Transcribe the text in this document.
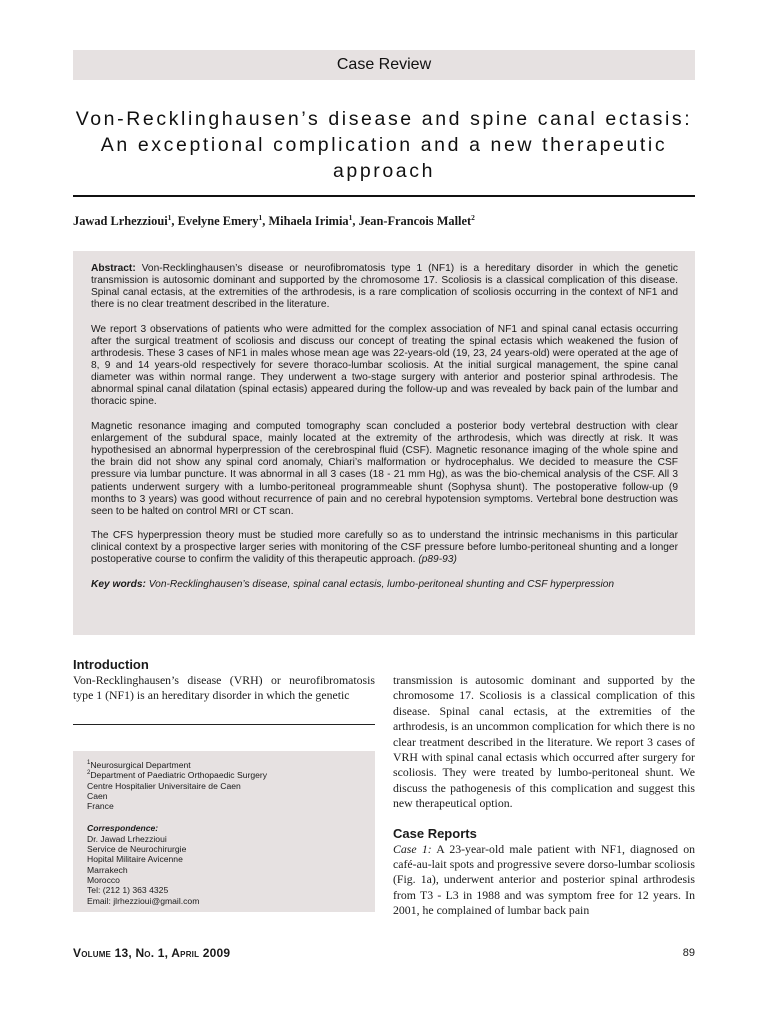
Case Review
Von-Recklinghausen’s disease and spine canal ectasis: An exceptional complication and a new therapeutic approach
Jawad Lrhezzioui$^1$, Evelyne Emery$^1$, Mihaela Irimia$^1$, Jean-Francois Mallet$^2$

Abstract: Von-Recklinghausen’s disease or neurofibromatosis type 1 (NF1) is a hereditary disorder in which the genetic transmission is autosomic dominant and supported by the chromosome 17. Scoliosis is a classical complication of this disease. Spinal canal ectasis, at the extremities of the arthrodesis, is a rare complication of scoliosis occurring in the context of NF1 and there is no clear treatment described in the literature.

We report 3 observations of patients who were admitted for the complex association of NF1 and spinal canal ectasis occurring after the surgical treatment of scoliosis and discuss our concept of treating the spinal ectasis which weakened the fusion of arthrodesis. These 3 cases of NF1 in males whose mean age was 22-years-old (19, 23, 24 years-old) were operated at the age of 8, 9 and 14 years-old respectively for severe thoraco-lumbar scoliosis. At the initial surgical management, the spine canal diameter was within normal range. They underwent a two-stage surgery with anterior and posterior spinal arthrodesis. The abnormal spinal canal dilatation (spinal ectasis) appeared during the follow-up and was revealed by back pain of the lumbar and thoracic spine.

Magnetic resonance imaging and computed tomography scan concluded a posterior body vertebral destruction with clear enlargement of the subdural space, mainly located at the extremity of the arthrodesis, which was directly at risk. It was hypothesised an abnormal hyperpression of the cerebrospinal fluid (CSF). Magnetic resonance imaging of the whole spine and the brain did not show any spinal cord anomaly, Chiari’s malformation or hydrocephalus. We decided to measure the CSF pressure via lumbar puncture. It was abnormal in all 3 cases (18 - 21 mm Hg), as was the bio-chemical analysis of the CSF. All 3 patients underwent surgery with a lumbo-peritoneal programmeable shunt (Sophysa shunt). The postoperative follow-up (9 months to 3 years) was good without recurrence of pain and no cerebral hypotension symptoms. Vertebral bone destruction was seen to be halted on control MRI or CT scan.

The CFS hyperpression theory must be studied more carefully so as to understand the intrinsic mechanisms in this particular clinical context by a prospective larger series with monitoring of the CSF pressure before lumbo-peritoneal shunting and a longer postoperative course to confirm the validity of this therapeutic approach. (p89-93)

Key words: Von-Recklinghausen’s disease, spinal canal ectasis, lumbo-peritoneal shunting and CSF hyperpression

Introduction
Von-Recklinghausen’s disease (VRH) or neurofibromatosis type 1 (NF1) is an hereditary disorder in which the genetic
$^1$Neurosurgical Department
$^2$Department of Paediatric Orthopaedic Surgery
Centre Hospitalier Universitaire de Caen
Caen
France
Correspondence:
Dr. Jawad Lrhezzioui
Service de Neurochirurgie
Hopital Militaire Avicenne
Marrakech
Morocco
Tel: (212 1) 363 4325
Email: jlrhezzioui@gmail.com
transmission is autosomic dominant and supported by the chromosome 17. Scoliosis is a classical complication of this disease. Spinal canal ectasis, at the extremities of the arthrodesis, is an uncommon complication for which there is no clear treatment described in the literature. We report 3 cases of VRH with spinal canal ectasis which occurred after surgery for scoliosis. They were treated by lumbo-peritoneal shunt. We discuss the pathogenesis of this complication and suggest this new therapeutical option.
Case Reports
Case 1: A 23-year-old male patient with NF1, diagnosed on café-au-lait spots and progressive severe dorso-lumbar scoliosis (Fig. 1a), underwent anterior and posterior spinal arthrodesis from T3 - L3 in 1988 and was symptom free for 12 years. In 2001, he complained of lumbar back pain
Volume 13, No. 1, April 2009	89
